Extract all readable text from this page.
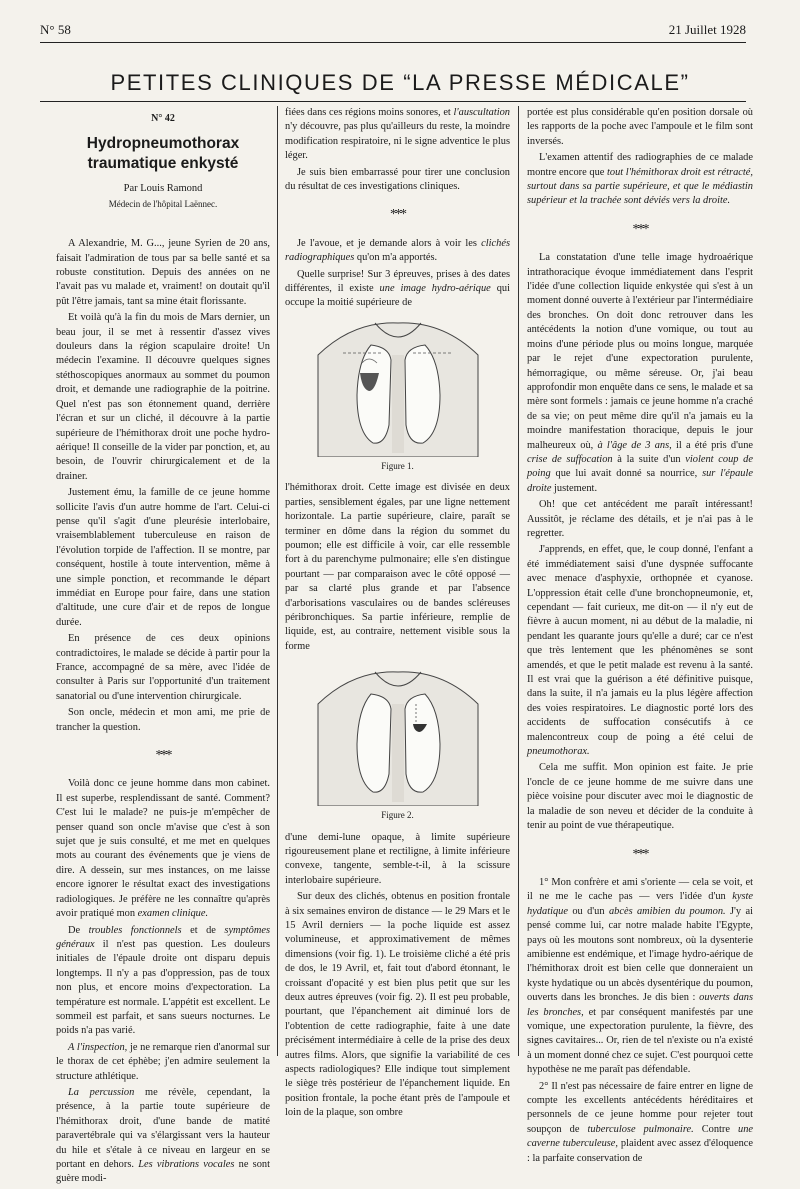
N° 58	21 Juillet 1928
PETITES CLINIQUES DE “LA PRESSE MÉDICALE”
N° 42
Hydropneumothorax
traumatique enkysté
Par Louis Ramond
Médecin de l'hôpital Laënnec.

A Alexandrie, M. G..., jeune Syrien de 20 ans, faisait l'admiration de tous par sa belle santé et sa robuste constitution. Depuis des années on ne l'avait pas vu malade et, vraiment! on doutait qu'il pût l'être jamais, tant sa mine était florissante.

Et voilà qu'à la fin du mois de Mars dernier, un beau jour, il se met à ressentir d'assez vives douleurs dans la région scapulaire droite! Un médecin l'examine. Il découvre quelques signes stéthoscopiques anormaux au sommet du poumon droit, et demande une radiographie de la poitrine. Quel n'est pas son étonnement quand, derrière l'écran et sur un cliché, il découvre à la partie supérieure de l'hémithorax droit une poche hydro-aérique! Il conseille de la vider par ponction, et, au besoin, de l'ouvrir chirurgicalement et de la drainer.

Justement ému, la famille de ce jeune homme sollicite l'avis d'un autre homme de l'art. Celui-ci pense qu'il s'agit d'une pleurésie interlobaire, vraisemblablement tuberculeuse en raison de l'évolution torpide de l'affection. Il se montre, par conséquent, hostile à toute intervention, même à une simple ponction, et recommande le départ immédiat en Europe pour faire, dans une station d'altitude, une cure d'air et de repos de longue durée.

En présence de ces deux opinions contradictoires, le malade se décide à partir pour la France, accompagné de sa mère, avec l'idée de consulter à Paris sur l'opportunité d'un traitement sanatorial ou d'une intervention chirurgicale.

Son oncle, médecin et mon ami, me prie de trancher la question.

***

Voilà donc ce jeune homme dans mon cabinet. Il est superbe, resplendissant de santé. Comment? C'est lui le malade? ne puis-je m'empêcher de penser quand son oncle m'avise que c'est à son sujet que je suis consulté, et me met en quelques mots au courant des événements que je viens de dire. A dessein, sur mes instances, on me laisse encore ignorer le résultat exact des investigations radiologiques. Je préfère ne les connaître qu'après avoir pratiqué mon examen clinique.

De troubles fonctionnels et de symptômes généraux il n'est pas question. Les douleurs initiales de l'épaule droite ont disparu depuis longtemps. Il n'y a pas d'oppression, pas de toux non plus, et encore moins d'expectoration. La température est normale. L'appétit est excellent. Le sommeil est parfait, et sans sueurs nocturnes. Le poids n'a pas varié.

A l'inspection, je ne remarque rien d'anormal sur le thorax de cet éphèbe; j'en admire seulement la structure athlétique.

La percussion me révèle, cependant, la présence, à la partie toute supérieure de l'hémithorax droit, d'une bande de matité paravertébrale qui va s'élargissant vers la hauteur du hile et s'étale à ce niveau en largeur en se portant en dehors. Les vibrations vocales ne sont guère modi-

fiées dans ces régions moins sonores, et l'auscultation n'y découvre, pas plus qu'ailleurs du reste, la moindre modification respiratoire, ni le signe adventice le plus léger.

Je suis bien embarrassé pour tirer une conclusion du résultat de ces investigations cliniques.

***

Je l'avoue, et je demande alors à voir les clichés radiographiques qu'on m'a apportés.

Quelle surprise! Sur 3 épreuves, prises à des dates différentes, il existe une image hydro-aérique qui occupe la moitié supérieure de

Figure 1.

l'hémithorax droit. Cette image est divisée en deux parties, sensiblement égales, par une ligne nettement horizontale. La partie supérieure, claire, paraît se terminer en dôme dans la région du sommet du poumon; elle est difficile à voir, car elle ressemble fort à du parenchyme pulmonaire; elle s'en distingue pourtant — par comparaison avec le côté opposé — par sa clarté plus grande et par l'absence d'arborisations vasculaires ou de bandes scléreuses péribronchiques. Sa partie inférieure, remplie de liquide, est, au contraire, nettement visible sous la forme

Figure 2.

d'une demi-lune opaque, à limite supérieure rigoureusement plane et rectiligne, à limite inférieure convexe, tangente, semble-t-il, à la scissure interlobaire supérieure.

Sur deux des clichés, obtenus en position frontale à six semaines environ de distance — le 29 Mars et le 15 Avril derniers — la poche liquide est assez volumineuse, et approximativement de mêmes dimensions (voir fig. 1). Le troisième cliché a été pris de dos, le 19 Avril, et, fait tout d'abord étonnant, le croissant d'opacité y est bien plus petit que sur les deux autres épreuves (voir fig. 2). Il est peu probable, pourtant, que l'épanchement ait diminué lors de l'obtention de cette radiographie, faite à une date précisément intermédiaire à celle de la prise des deux autres films. Alors, que signifie la variabilité de ces aspects radiologiques? Elle indique tout simplement le siège très postérieur de l'épanchement liquide. En position frontale, la poche étant près de l'ampoule et loin de la plaque, son ombre

portée est plus considérable qu'en position dorsale où les rapports de la poche avec l'ampoule et le film sont inversés.

L'examen attentif des radiographies de ce malade montre encore que tout l'hémithorax droit est rétracté, surtout dans sa partie supérieure, et que le médiastin supérieur et la trachée sont déviés vers la droite.

***

La constatation d'une telle image hydroaérique intrathoracique évoque immédiatement dans l'esprit l'idée d'une collection liquide enkystée qui s'est à un moment donné ouverte à l'extérieur par l'intermédiaire des bronches. On doit donc retrouver dans les antécédents la notion d'une vomique, ou tout au moins d'une période plus ou moins longue, marquée par le rejet d'une expectoration purulente, hémorragique, ou même séreuse. Or, j'ai beau approfondir mon enquête dans ce sens, le malade et sa mère sont formels : jamais ce jeune homme n'a craché de sa vie; on peut même dire qu'il n'a jamais eu la moindre manifestation thoracique, depuis le jour malheureux où, à l'âge de 3 ans, il a été pris d'une crise de suffocation à la suite d'un violent coup de poing que lui avait donné sa nourrice, sur l'épaule droite justement.

Oh! que cet antécédent me paraît intéressant! Aussitôt, je réclame des détails, et je n'ai pas à le regretter.

J'apprends, en effet, que, le coup donné, l'enfant a été immédiatement saisi d'une dyspnée suffocante avec menace d'asphyxie, orthopnée et cyanose. L'oppression était celle d'une bronchopneumonie, et, cependant — fait curieux, me dit-on — il n'y eut de fièvre à aucun moment, ni au début de la maladie, ni pendant les quarante jours qu'elle a duré; car ce n'est que très lentement que les phénomènes se sont amendés, et que le petit malade est revenu à la santé. Il est vrai que la guérison a été définitive puisque, dans la suite, il n'a jamais eu la plus légère affection des voies respiratoires. Le diagnostic porté lors des accidents de suffocation consécutifs à ce malencontreux coup de poing a été celui de pneumothorax.

Cela me suffit. Mon opinion est faite. Je prie l'oncle de ce jeune homme de me suivre dans une pièce voisine pour discuter avec moi le diagnostic de la maladie de son neveu et décider de la conduite à tenir au point de vue thérapeutique.

***

1° Mon confrère et ami s'oriente — cela se voit, et il ne me le cache pas — vers l'idée d'un kyste hydatique ou d'un abcès amibien du poumon. J'y ai pensé comme lui, car notre malade habite l'Egypte, pays où les moutons sont nombreux, où la dysenterie amibienne est endémique, et l'image hydro-aérique de l'hémithorax droit est bien celle que donneraient un kyste hydatique ou un abcès dysentérique du poumon, ouverts dans les bronches. Je dis bien : ouverts dans les bronches, et par conséquent manifestés par une vomique, une expectoration purulente, la fièvre, des signes cavitaires... Or, rien de tel n'existe ou n'a existé à un moment donné chez ce sujet. C'est pourquoi cette hypothèse ne me paraît pas défendable.

2° Il n'est pas nécessaire de faire entrer en ligne de compte les excellents antécédents héréditaires et personnels de ce jeune homme pour rejeter tout soupçon de tuberculose pulmonaire. Contre une caverne tuberculeuse, plaident avec assez d'éloquence : la parfaite conservation de
